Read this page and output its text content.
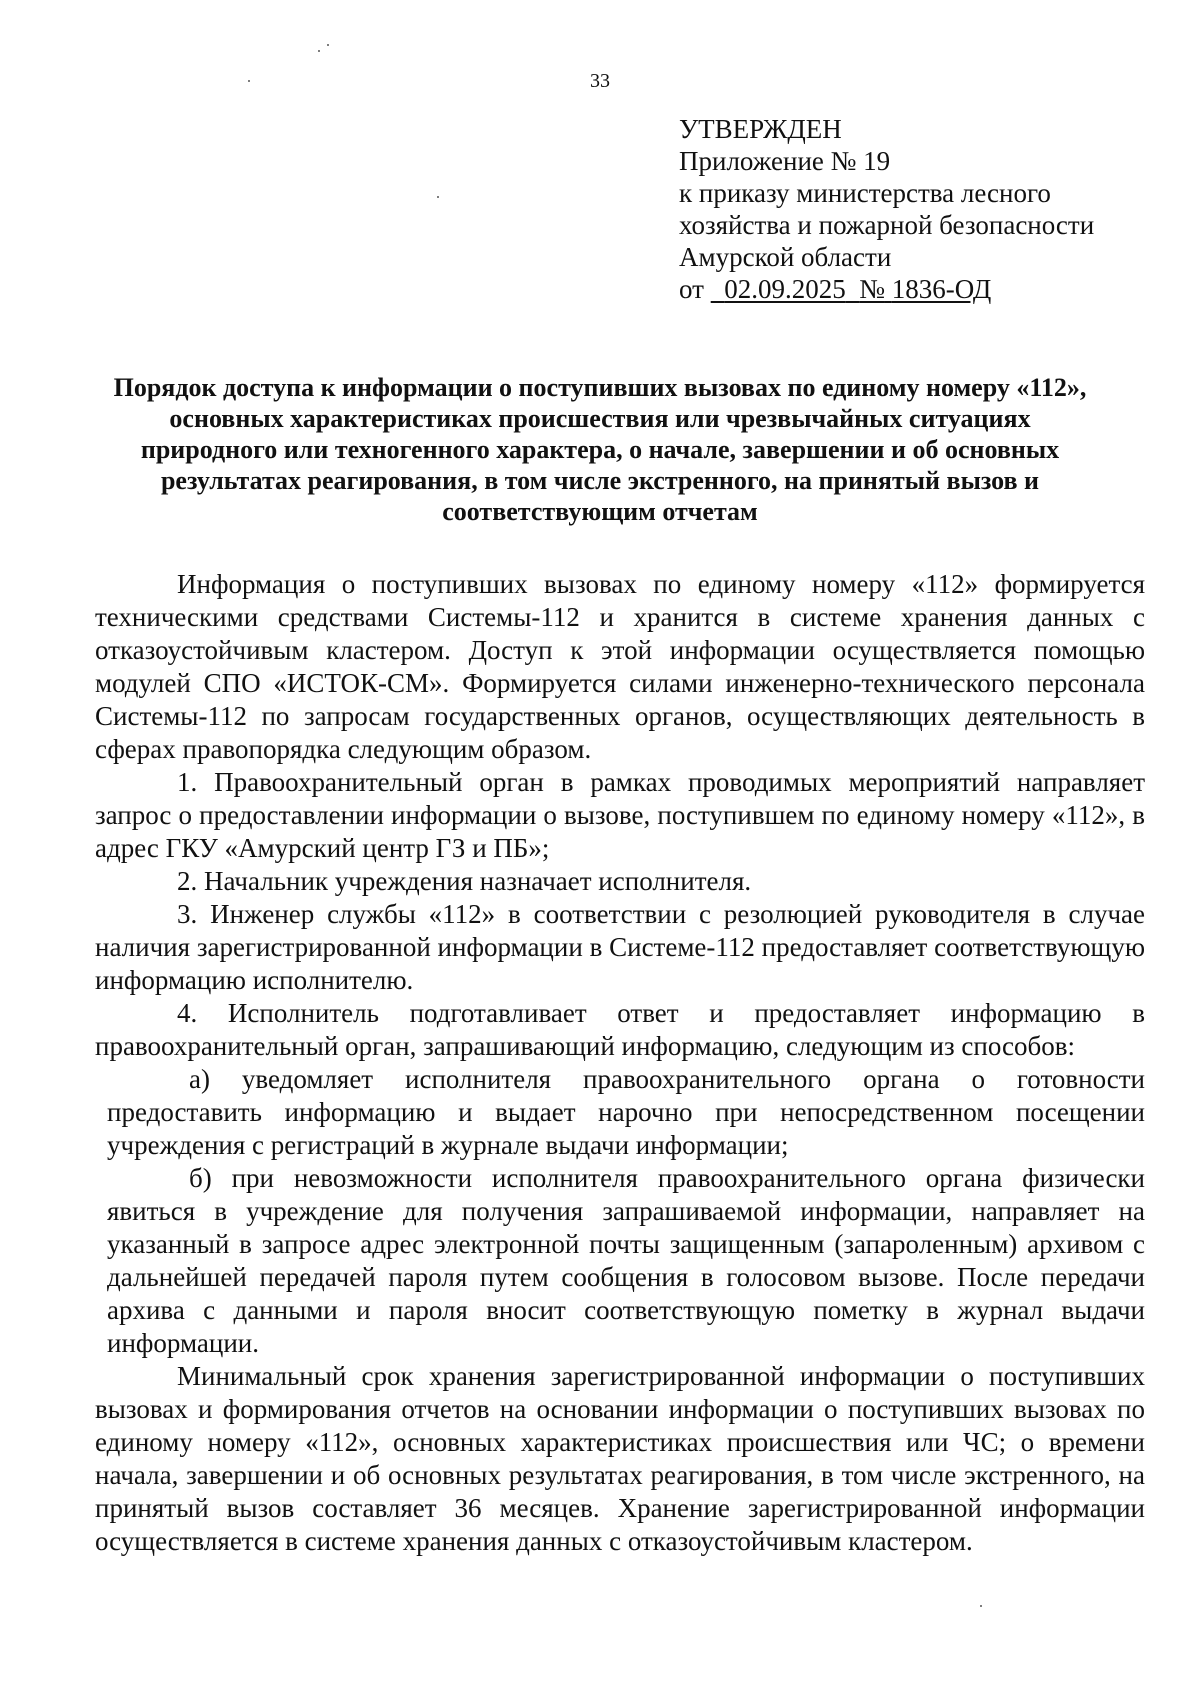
33
УТВЕРЖДЕН
Приложение № 19
к приказу министерства лесного
хозяйства и пожарной безопасности
Амурской области
от 02.09.2025 № 1836-ОД
Порядок доступа к информации о поступивших вызовах по единому номеру «112», основных характеристиках происшествия или чрезвычайных ситуациях природного или техногенного характера, о начале, завершении и об основных результатах реагирования, в том числе экстренного, на принятый вызов и соответствующим отчетам

Информация о поступивших вызовах по единому номеру «112» формируется техническими средствами Системы-112 и хранится в системе хранения данных с отказоустойчивым кластером. Доступ к этой информации осуществляется помощью модулей СПО «ИСТОК-СМ». Формируется силами инженерно-технического персонала Системы-112 по запросам государственных органов, осуществляющих деятельность в сферах правопорядка следующим образом.

1. Правоохранительный орган в рамках проводимых мероприятий направляет запрос о предоставлении информации о вызове, поступившем по единому номеру «112», в адрес ГКУ «Амурский центр ГЗ и ПБ»;

2. Начальник учреждения назначает исполнителя.

3. Инженер службы «112» в соответствии с резолюцией руководителя в случае наличия зарегистрированной информации в Системе-112 предоставляет соответствующую информацию исполнителю.

4. Исполнитель подготавливает ответ и предоставляет информацию в правоохранительный орган, запрашивающий информацию, следующим из способов:

а) уведомляет исполнителя правоохранительного органа о готовности предоставить информацию и выдает нарочно при непосредственном посещении учреждения с регистраций в журнале выдачи информации;

б) при невозможности исполнителя правоохранительного органа физически явиться в учреждение для получения запрашиваемой информации, направляет на указанный в запросе адрес электронной почты защищенным (запароленным) архивом с дальнейшей передачей пароля путем сообщения в голосовом вызове. После передачи архива с данными и пароля вносит соответствующую пометку в журнал выдачи информации.

Минимальный срок хранения зарегистрированной информации о поступивших вызовах и формирования отчетов на основании информации о поступивших вызовах по единому номеру «112», основных характеристиках происшествия или ЧС; о времени начала, завершении и об основных результатах реагирования, в том числе экстренного, на принятый вызов составляет 36 месяцев. Хранение зарегистрированной информации осуществляется в системе хранения данных с отказоустойчивым кластером.
